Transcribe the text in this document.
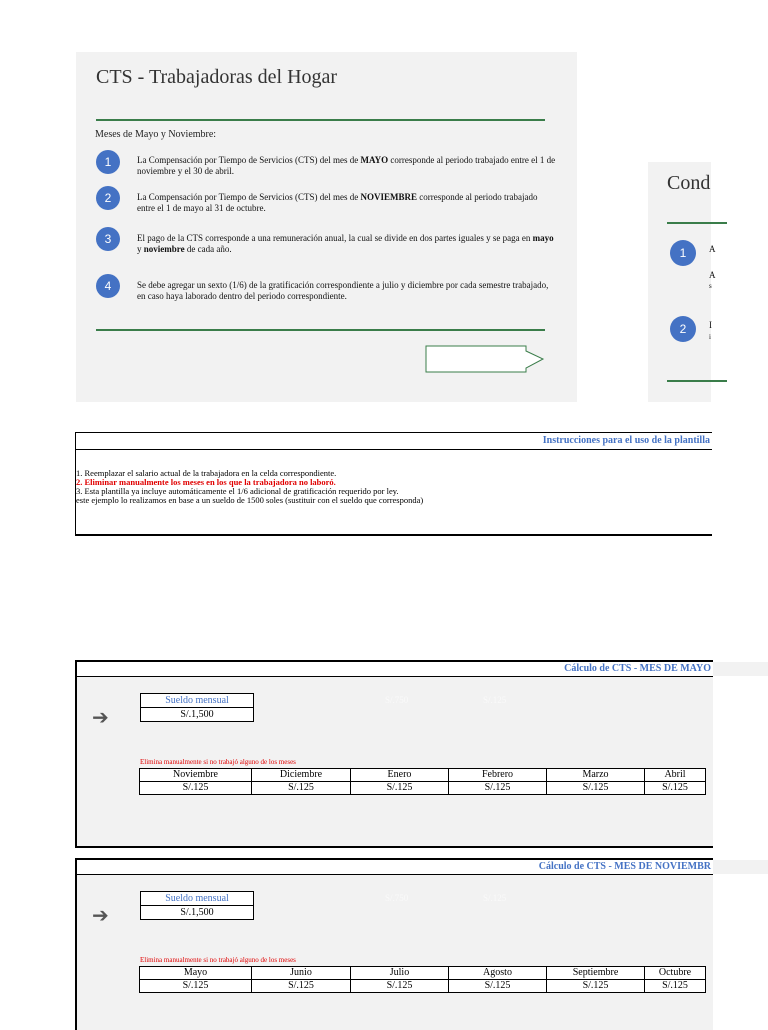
CTS - Trabajadoras del Hogar
Meses de Mayo y Noviembre:
1	La Compensación por Tiempo de Servicios (CTS) del mes de MAYO corresponde al periodo trabajado entre el 1 de noviembre y el 30 de abril.
2	La Compensación por Tiempo de Servicios (CTS) del mes de NOVIEMBRE corresponde al periodo trabajado entre el 1 de mayo al 31 de octubre.
3	El pago de la CTS corresponde a una remuneración anual, la cual se divide en dos partes iguales y se paga en mayo y noviembre de cada año.
4	Se debe agregar un sexto (1/6) de la gratificación correspondiente a julio y diciembre por cada semestre trabajado, en caso haya laborado dentro del periodo correspondiente.
Cond
1	A
A
s
2	I
i
Instrucciones para el uso de la plantilla
1. Reemplazar el salario actual de la trabajadora en la celda correspondiente.
2. Eliminar manualmente los meses en los que la trabajadora no laboró.
3. Esta plantilla ya incluye automáticamente el 1/6 adicional de gratificación requerido por ley.
este ejemplo lo realizamos en base a un sueldo de 1500 soles (sustituir con el sueldo que corresponda)
Cálculo de CTS - MES DE MAYO
➔
Sueldo mensual
S/.1,500
S/.750	S/.125
Elimina manualmente si no trabajó alguno de los meses
Noviembre	Diciembre	Enero	Febrero	Marzo	Abril
S/.125	S/.125	S/.125	S/.125	S/.125	S/.125
Cálculo de CTS - MES DE NOVIEMBR
➔
Sueldo mensual
S/.1,500
S/.750	S/.125
Elimina manualmente si no trabajó alguno de los meses
Mayo	Junio	Julio	Agosto	Septiembre	Octubre
S/.125	S/.125	S/.125	S/.125	S/.125	S/.125
